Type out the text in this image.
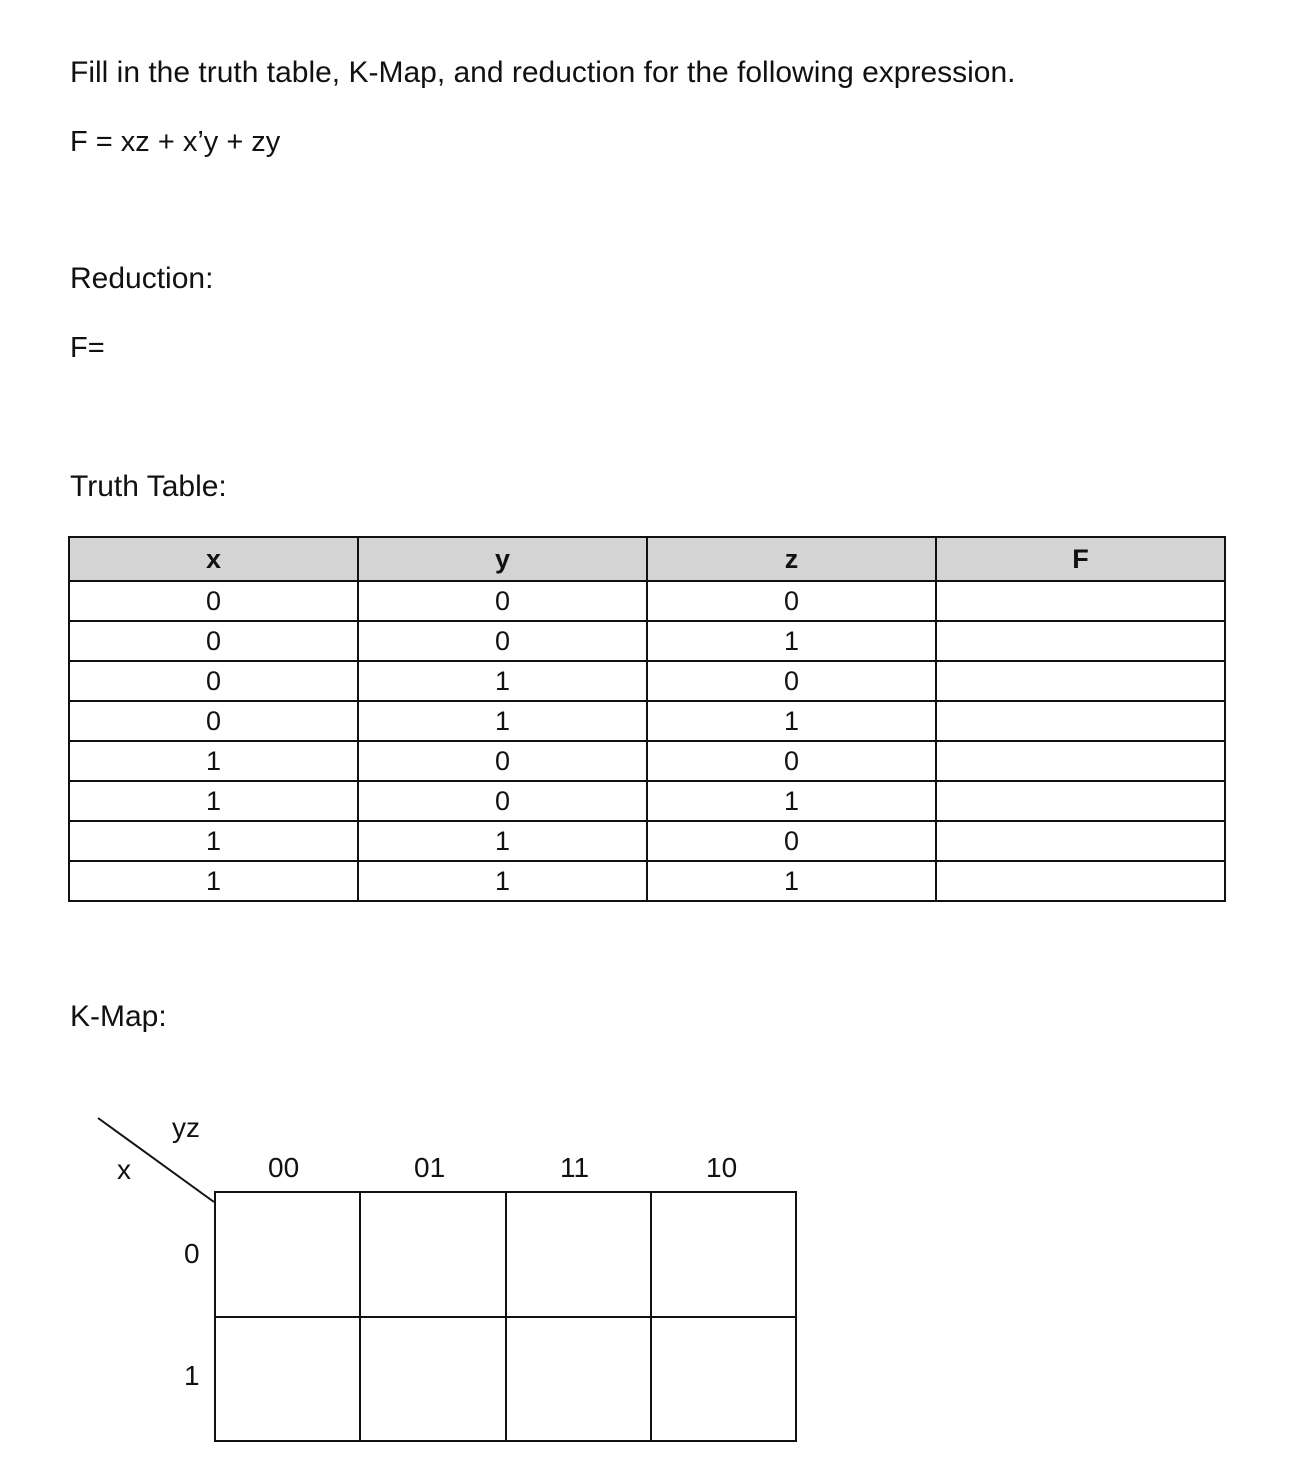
Fill in the truth table, K-Map, and reduction for the following expression.
F = xz + x’y + zy
Reduction:
F=
Truth Table:
x	y	z	F
0	0	0	
0	0	1	
0	1	0	
0	1	1	
1	0	0	
1	0	1	
1	1	0	
1	1	1	
K-Map:
yz
x	00	01	11	10
0
1
